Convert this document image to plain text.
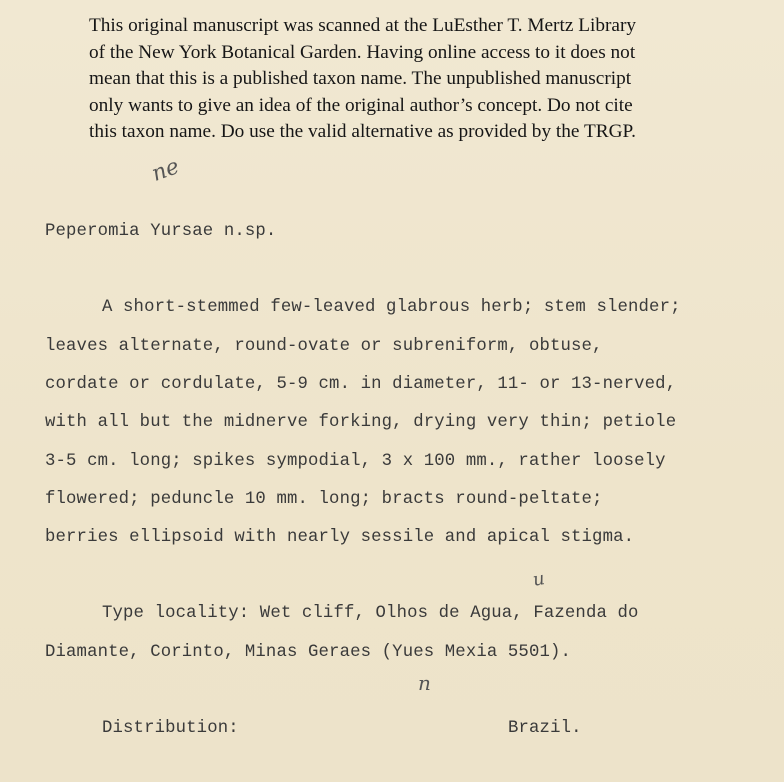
This original manuscript was scanned at the LuEsther T. Mertz Library
of the New York Botanical Garden. Having online access to it does not
mean that this is a published taxon name. The unpublished manuscript
only wants to give an idea of the original author’s concept. Do not cite
this taxon name. Do use the valid alternative as provided by the TRGP.
ne
Peperomia Yursae n.sp.
A short-stemmed few-leaved glabrous herb; stem slender;
leaves alternate, round-ovate or subreniform, obtuse,
cordate or cordulate, 5-9 cm. in diameter, 11- or 13-nerved,
with all but the midnerve forking, drying very thin; petiole
3-5 cm. long; spikes sympodial, 3 x 100 mm., rather loosely
flowered; peduncle 10 mm. long; bracts round-peltate;
berries ellipsoid with nearly sessile and apical stigma.
u
Type locality: Wet cliff, Olhos de Agua, Fazenda do
Diamante, Corinto, Minas Geraes (Yues Mexia 5501).
n
Distribution:	Brazil.
